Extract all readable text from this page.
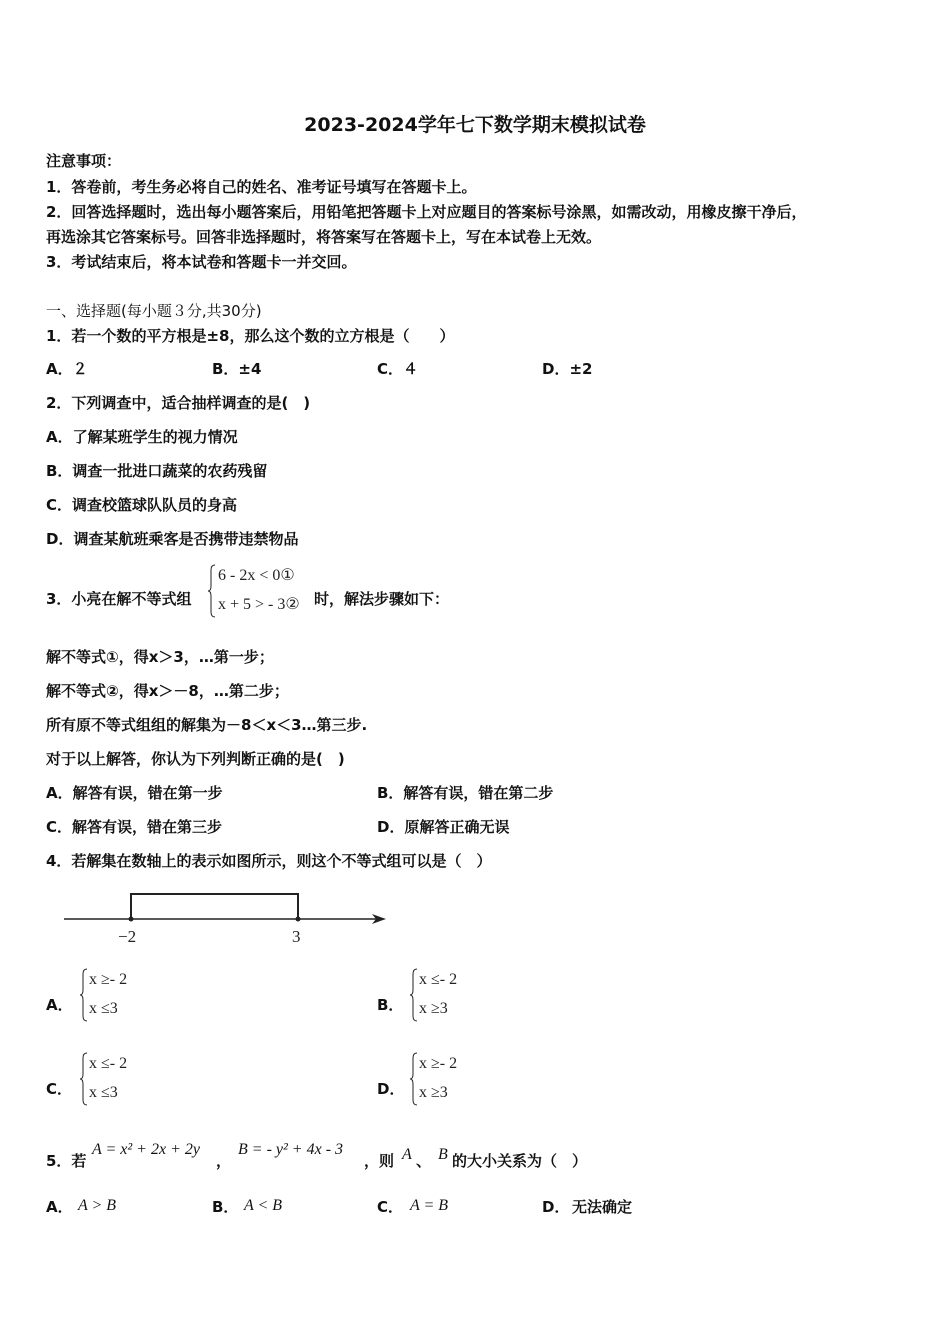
2023-2024学年七下数学期末模拟试卷
注意事项：
1．答卷前，考生务必将自己的姓名、准考证号填写在答题卡上。
2．回答选择题时，选出每小题答案后，用铅笔把答题卡上对应题目的答案标号涂黑，如需改动，用橡皮擦干净后，
再选涂其它答案标号。回答非选择题时，将答案写在答题卡上，写在本试卷上无效。
3．考试结束后，将本试卷和答题卡一并交回。
一、选择题(每小题３分,共30分)
1．若一个数的平方根是±8，那么这个数的立方根是（　　）
A．２	B．±4	C．４	D．±2
2．下列调查中，适合抽样调查的是(　)
A．了解某班学生的视力情况
B．调查一批进口蔬菜的农药残留
C．调查校篮球队队员的身高
D．调查某航班乘客是否携带违禁物品
3．小亮在解不等式组
6 - 2x < 0①
x + 5 > - 3② 时，解法步骤如下：
解不等式①，得x＞3，…第一步；
解不等式②，得x＞－8，…第二步；
所有原不等式组组的解集为－8＜x＜3…第三步.
对于以上解答，你认为下列判断正确的是(　)
A．解答有误，错在第一步	B．解答有误，错在第二步
C．解答有误，错在第三步	D．原解答正确无误
4．若解集在数轴上的表示如图所示，则这个不等式组可以是（　）
−2	3
A．
x ≥- 2
x ≤3	B．
x ≤- 2
x ≥3
C．
x ≤- 2
x ≤3	D．
x ≥- 2
x ≥3
5．若
A = x² + 2x + 2y
，
B = - y² + 4x - 3
，则 A 、 B 的大小关系为（　）
A． A > B	B． A < B	C． A = B	D． 无法确定
